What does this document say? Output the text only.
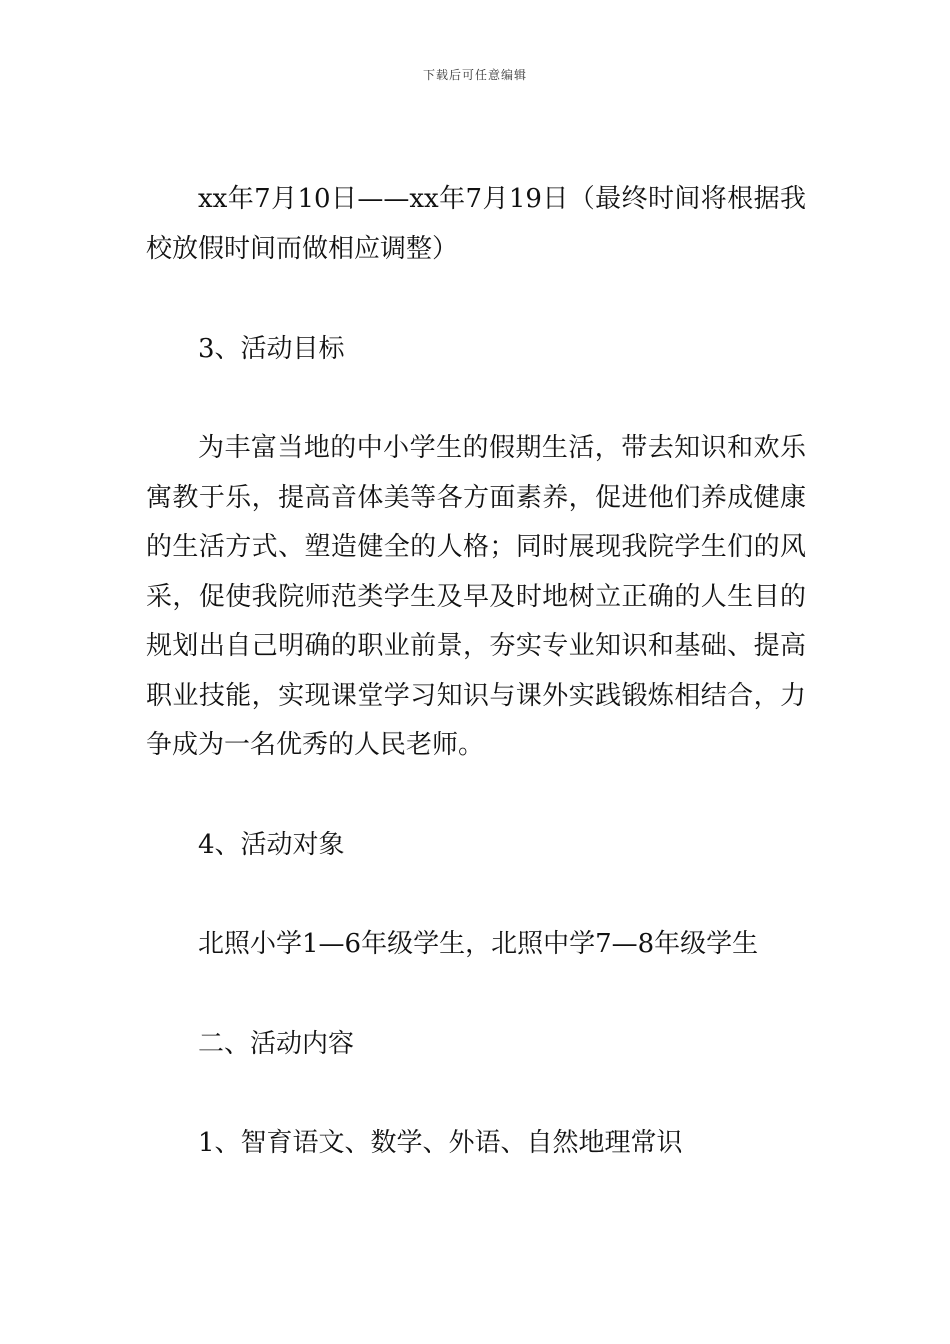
下载后可任意编辑
xx年7月10日——xx年7月19日（最终时间将根据我校放假时间而做相应调整）
3、活动目标
为丰富当地的中小学生的假期生活，带去知识和欢乐寓教于乐，提高音体美等各方面素养，促进他们养成健康的生活方式、塑造健全的人格；同时展现我院学生们的风采，促使我院师范类学生及早及时地树立正确的人生目的规划出自己明确的职业前景，夯实专业知识和基础、提高职业技能，实现课堂学习知识与课外实践锻炼相结合，力争成为一名优秀的人民老师。
4、活动对象
北照小学1—6年级学生，北照中学7—8年级学生
二、活动内容
1、智育语文、数学、外语、自然地理常识
